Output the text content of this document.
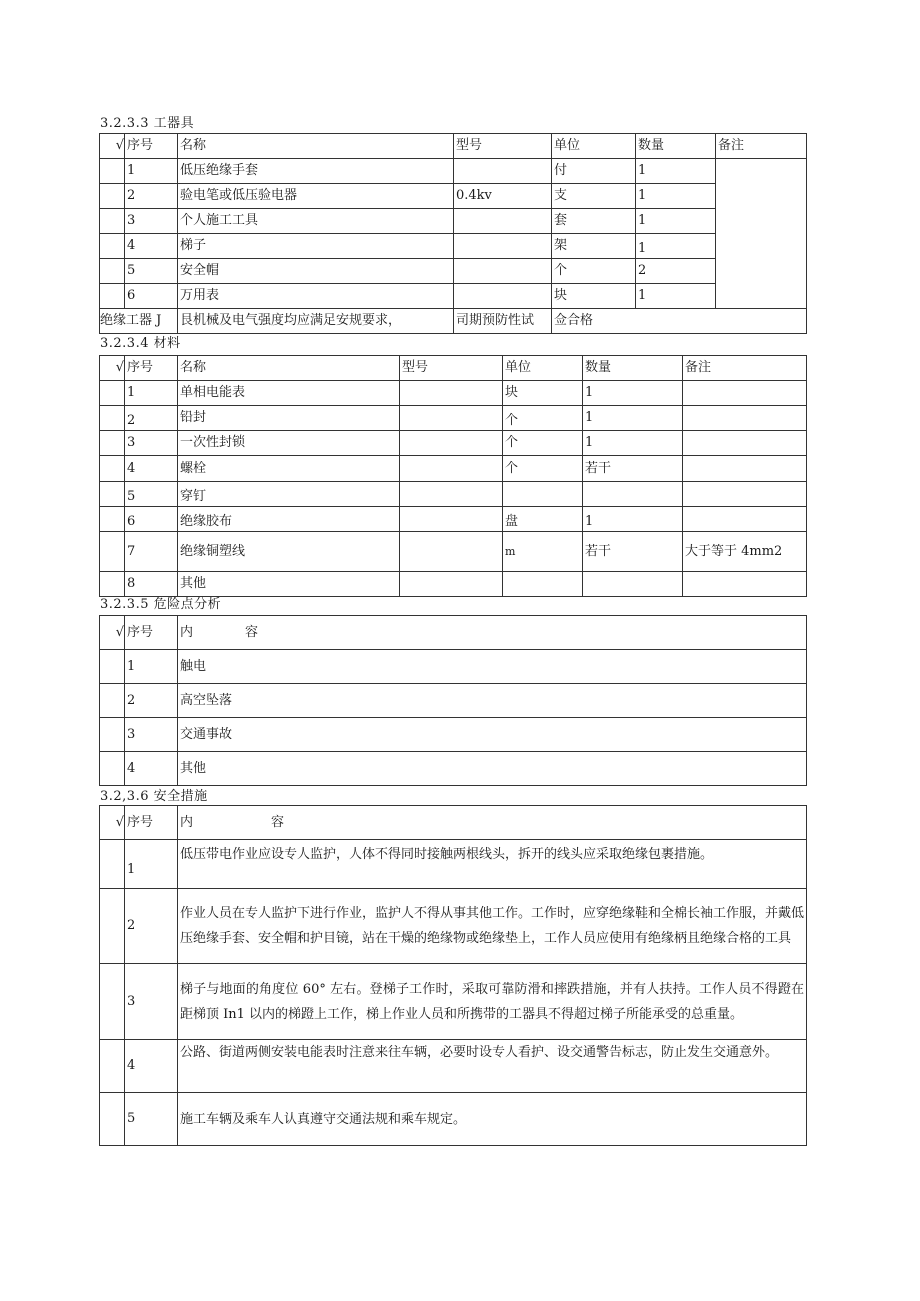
3.2.3.3 工器具
√	序号	名称	型号	单位	数量	备注
	1	低压绝缘手套		付	1	
	2	验电笔或低压验电器	0.4kv	支	1	
	3	个人施工工具		套	1	
	4	梯子		架	1	
	5	安全帽		个	2	
	6	万用表		块	1	
绝缘工器 J		艮机械及电气强度均应满足安规要求，	司期预防性试	佥合格		
3.2.3.4 材料
√	序号	名称	型号	单位	数量	备注
	1	单相电能表		块	1	
	2	铅封		个	1	
	3	一次性封锁		个	1	
	4	螺栓		个	若干	
	5	穿钉				
	6	绝缘胶布		盘	1	
	7	绝缘铜塑线		m	若干	大于等于 4mm2
	8	其他				
3.2.3.5 危险点分析
√	序号	内　　　　容
	1	触电
	2	高空坠落
	3	交通事故
	4	其他
3.2,3.6 安全措施
√	序号	内　　　　　　容
	1	低压带电作业应设专人监护，人体不得同时接触两根线头，拆开的线头应采取绝缘包裹措施。
	2	作业人员在专人监护下进行作业，监护人不得从事其他工作。工作时，应穿绝缘鞋和全棉长袖工作服，并戴低压绝缘手套、安全帽和护目镜，站在干燥的绝缘物或绝缘垫上，工作人员应使用有绝缘柄且绝缘合格的工具
	3	梯子与地面的角度位 60° 左右。登梯子工作时，采取可靠防滑和摔跌措施，并有人扶持。工作人员不得蹬在距梯顶 In1 以内的梯蹬上工作，梯上作业人员和所携带的工器具不得超过梯子所能承受的总重量。
	4	公路、街道两侧安装电能表时注意来往车辆，必要时设专人看护、设交通警告标志，防止发生交通意外。
	5	施工车辆及乘车人认真遵守交通法规和乘车规定。
